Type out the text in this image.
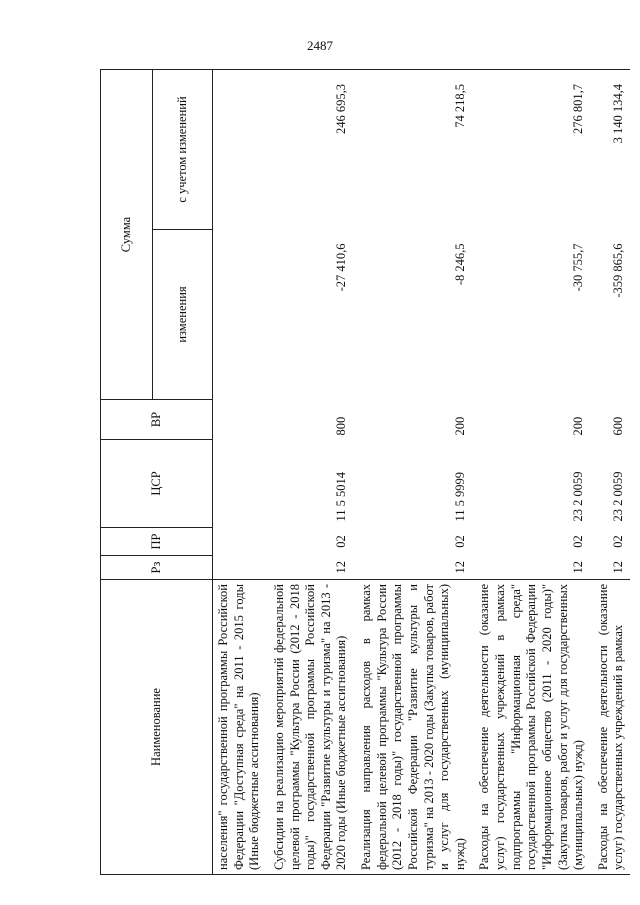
2487
Наименование	Рз	ПР	ЦСР	ВР	Сумма	
					изменения	с учетом изменений
населения" государственной программы Российской Федерации "Доступная среда" на 2011 - 2015 годы (Иные бюджетные ассигнования)						
Субсидии на реализацию мероприятий федеральной целевой программы "Культура России (2012 - 2018 годы)" государственной программы Российской Федерации "Развитие культуры и туризма" на 2013 - 2020 годы (Иные бюджетные ассигнования)	12	02	11 5 5014	800	-27 410,6	246 695,3
Реализация направления расходов в рамках федеральной целевой программы "Культура России (2012 - 2018 годы)" государственной программы Российской Федерации "Развитие культуры и туризма" на 2013 - 2020 годы (Закупка товаров, работ и услуг для государственных (муниципальных) нужд)	12	02	11 5 9999	200	-8 246,5	74 218,5
Расходы на обеспечение деятельности (оказание услуг) государственных учреждений в рамках подпрограммы "Информационная среда" государственной программы Российской Федерации "Информационное общество (2011 - 2020 годы)" (Закупка товаров, работ и услуг для государственных (муниципальных) нужд)	12	02	23 2 0059	200	-30 755,7	276 801,7
Расходы на обеспечение деятельности (оказание услуг) государственных учреждений в рамках	12	02	23 2 0059	600	-359 865,6	3 140 134,4
